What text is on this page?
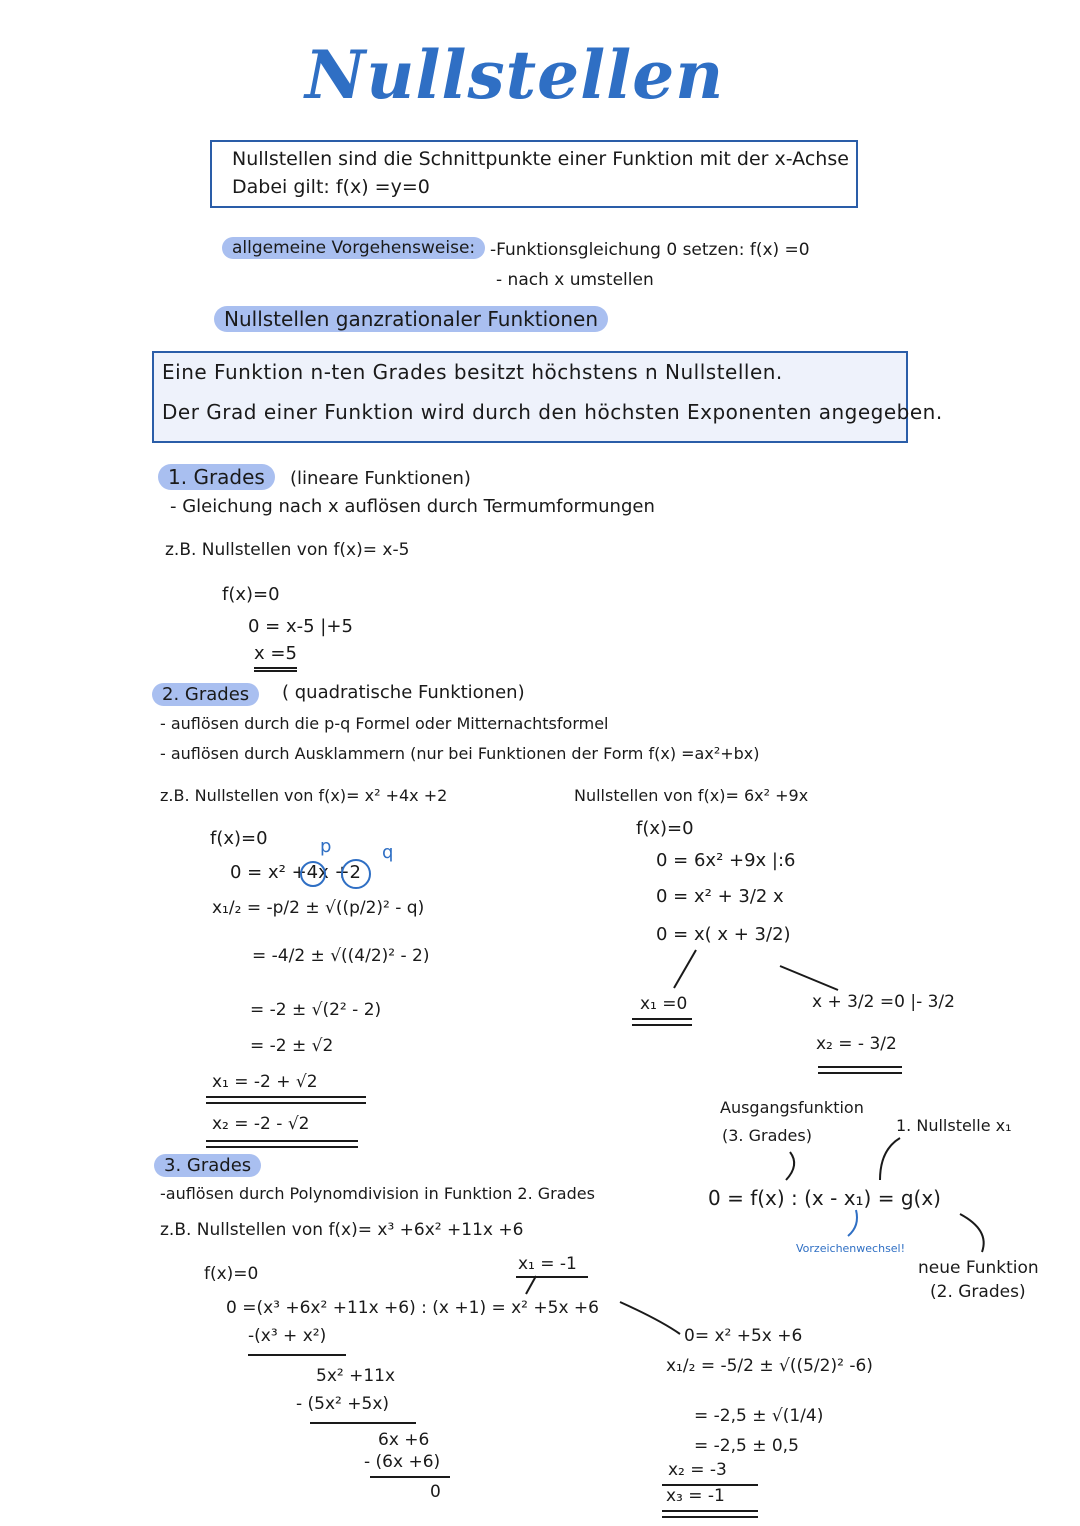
Nullstellen
Nullstellen sind die Schnittpunkte einer Funktion mit der x-Achse
Dabei gilt: f(x) =y=0
allgemeine Vorgehensweise: -Funktionsgleichung 0 setzen: f(x) =0
- nach x umstellen
Nullstellen ganzrationaler Funktionen
Eine Funktion n-ten Grades besitzt höchstens n Nullstellen.
Der Grad einer Funktion wird durch den höchsten Exponenten angegeben.
1. Grades	(lineare Funktionen)
- Gleichung nach x auflösen durch Termumformungen
z.B. Nullstellen von f(x)= x-5
f(x)=0
0 = x-5 |+5
x =5
2. Grades	( quadratische Funktionen)
- auflösen durch die p-q Formel oder Mitternachtsformel
- auflösen durch Ausklammern (nur bei Funktionen der Form f(x) =ax²+bx)
z.B. Nullstellen von f(x)= x² +4x +2
p	q
f(x)=0
0 = x² +4x +2
x₁/₂ = -p/2 ± √((p/2)² - q)
= -4/2 ± √((4/2)² - 2)
= -2 ± √(2² - 2)
= -2 ± √2
x₁ = -2 + √2
x₂ = -2 - √2
Nullstellen von f(x)= 6x² +9x
f(x)=0
0 = 6x² +9x |:6
0 = x² + 3/2 x
0 = x( x + 3/2)
x₁ =0	x + 3/2 =0 |- 3/2
x₂ = - 3/2
3. Grades
-auflösen durch Polynomdivision in Funktion 2. Grades
z.B. Nullstellen von f(x)= x³ +6x² +11x +6
x₁ = -1
f(x)=0
0 =(x³ +6x² +11x +6) : (x +1) = x² +5x +6
-(x³ + x²)
5x² +11x
- (5x² +5x)
6x +6
- (6x +6)
0
Ausgangsfunktion
(3. Grades)
1. Nullstelle x₁
0 = f(x) : (x - x₁) = g(x)
Vorzeichenwechsel!
neue Funktion
(2. Grades)
0= x² +5x +6
x₁/₂ = -5/2 ± √((5/2)² -6)
= -2,5 ± √(1/4)
= -2,5 ± 0,5
x₂ = -3
x₃ = -1
